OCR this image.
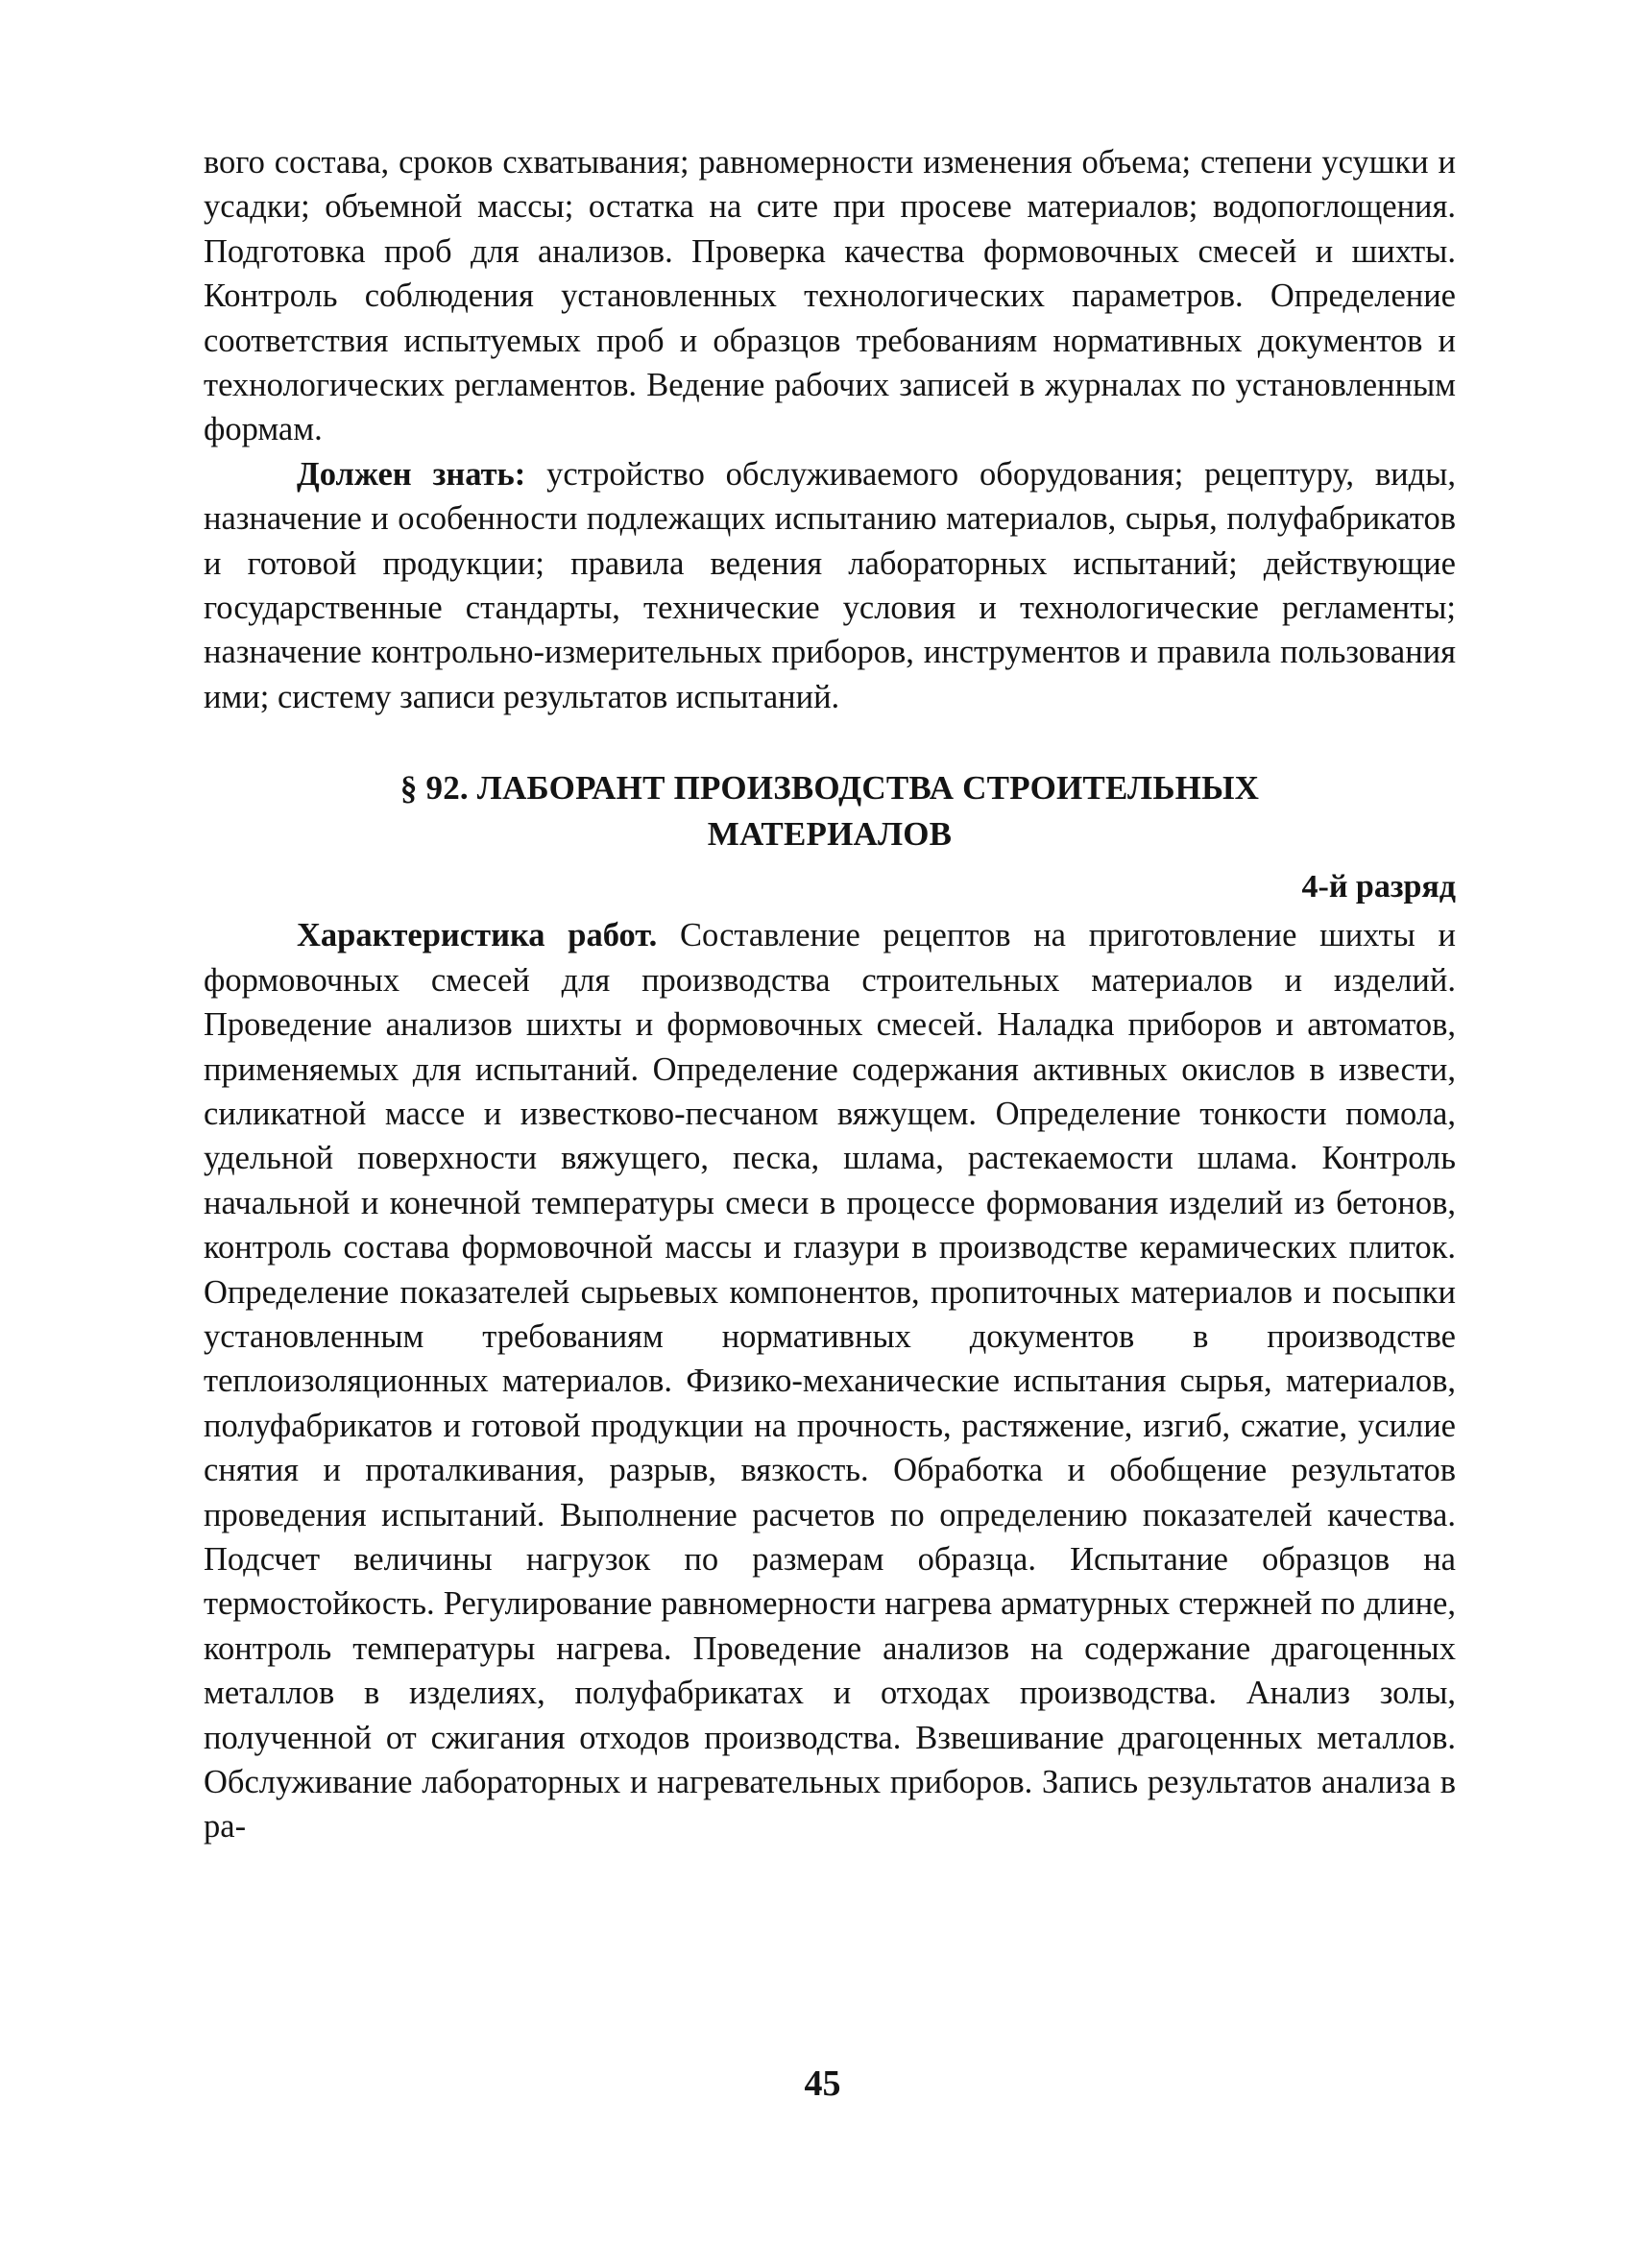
вого состава, сроков схватывания; равномерности изменения объема; степени усушки и усадки; объемной массы; остатка на сите при просеве материалов; водопоглощения. Подготовка проб для анализов. Проверка качества формовочных смесей и шихты. Контроль соблюдения установленных технологических параметров. Определение соответствия испытуемых проб и образцов требованиям нормативных документов и технологических регламентов. Ведение рабочих записей в журналах по установленным формам.

Должен знать: устройство обслуживаемого оборудования; рецептуру, виды, назначение и особенности подлежащих испытанию материалов, сырья, полуфабрикатов и готовой продукции; правила ведения лабораторных испытаний; действующие государственные стандарты, технические условия и технологические регламенты; назначение контрольно-измерительных приборов, инструментов и правила пользования ими; систему записи результатов испытаний.

§ 92. ЛАБОРАНТ ПРОИЗВОДСТВА СТРОИТЕЛЬНЫХ
МАТЕРИАЛОВ
4-й разряд

Характеристика работ. Составление рецептов на приготовление шихты и формовочных смесей для производства строительных материалов и изделий. Проведение анализов шихты и формовочных смесей. Наладка приборов и автоматов, применяемых для испытаний. Определение содержания активных окислов в извести, силикатной массе и известково-песчаном вяжущем. Определение тонкости помола, удельной поверхности вяжущего, песка, шлама, растекаемости шлама. Контроль начальной и конечной температуры смеси в процессе формования изделий из бетонов, контроль состава формовочной массы и глазури в производстве керамических плиток. Определение показателей сырьевых компонентов, пропиточных материалов и посыпки установленным требованиям нормативных документов в производстве теплоизоляционных материалов. Физико-механические испытания сырья, материалов, полуфабрикатов и готовой продукции на прочность, растяжение, изгиб, сжатие, усилие снятия и проталкивания, разрыв, вязкость. Обработка и обобщение результатов проведения испытаний. Выполнение расчетов по определению показателей качества. Подсчет величины нагрузок по размерам образца. Испытание образцов на термостойкость. Регулирование равномерности нагрева арматурных стержней по длине, контроль температуры нагрева. Проведение анализов на содержание драгоценных металлов в изделиях, полуфабрикатах и отходах производства. Анализ золы, полученной от сжигания отходов производства. Взвешивание драгоценных металлов. Обслуживание лабораторных и нагревательных приборов. Запись результатов анализа в ра-

45
